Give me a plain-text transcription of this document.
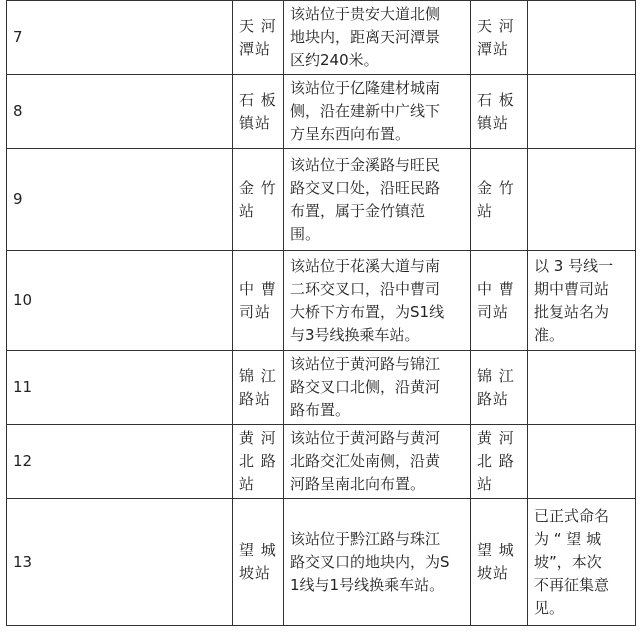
7	天 河
潭站	该站位于贵安大道北侧
地块内，距离天河潭景
区约240米。	天 河
潭站	

8	石 板
镇站	该站位于亿隆建材城南
侧，沿在建新中广线下
方呈东西向布置。	石 板
镇站	

9	金 竹
站	该站位于金溪路与旺民
路交叉口处，沿旺民路
布置，属于金竹镇范
围。	金 竹
站	

10	中 曹
司站	该站位于花溪大道与南
二环交叉口，沿中曹司
大桥下方布置，为S1线
与3号线换乘车站。	中 曹
司站	以 3 号线一
期中曹司站
批复站名为
准。

11	锦 江
路站	该站位于黄河路与锦江
路交叉口北侧，沿黄河
路布置。	锦 江
路站	

12	黄 河
北 路
站	该站位于黄河路与黄河
北路交汇处南侧，沿黄
河路呈南北向布置。	黄 河
北 路
站	

13	望 城
坡站	该站位于黔江路与珠江
路交叉口的地块内，为S
1线与1号线换乘车站。	望 城
坡站	已正式命名
为 “ 望 城
坡”，本次
不再征集意
见。
